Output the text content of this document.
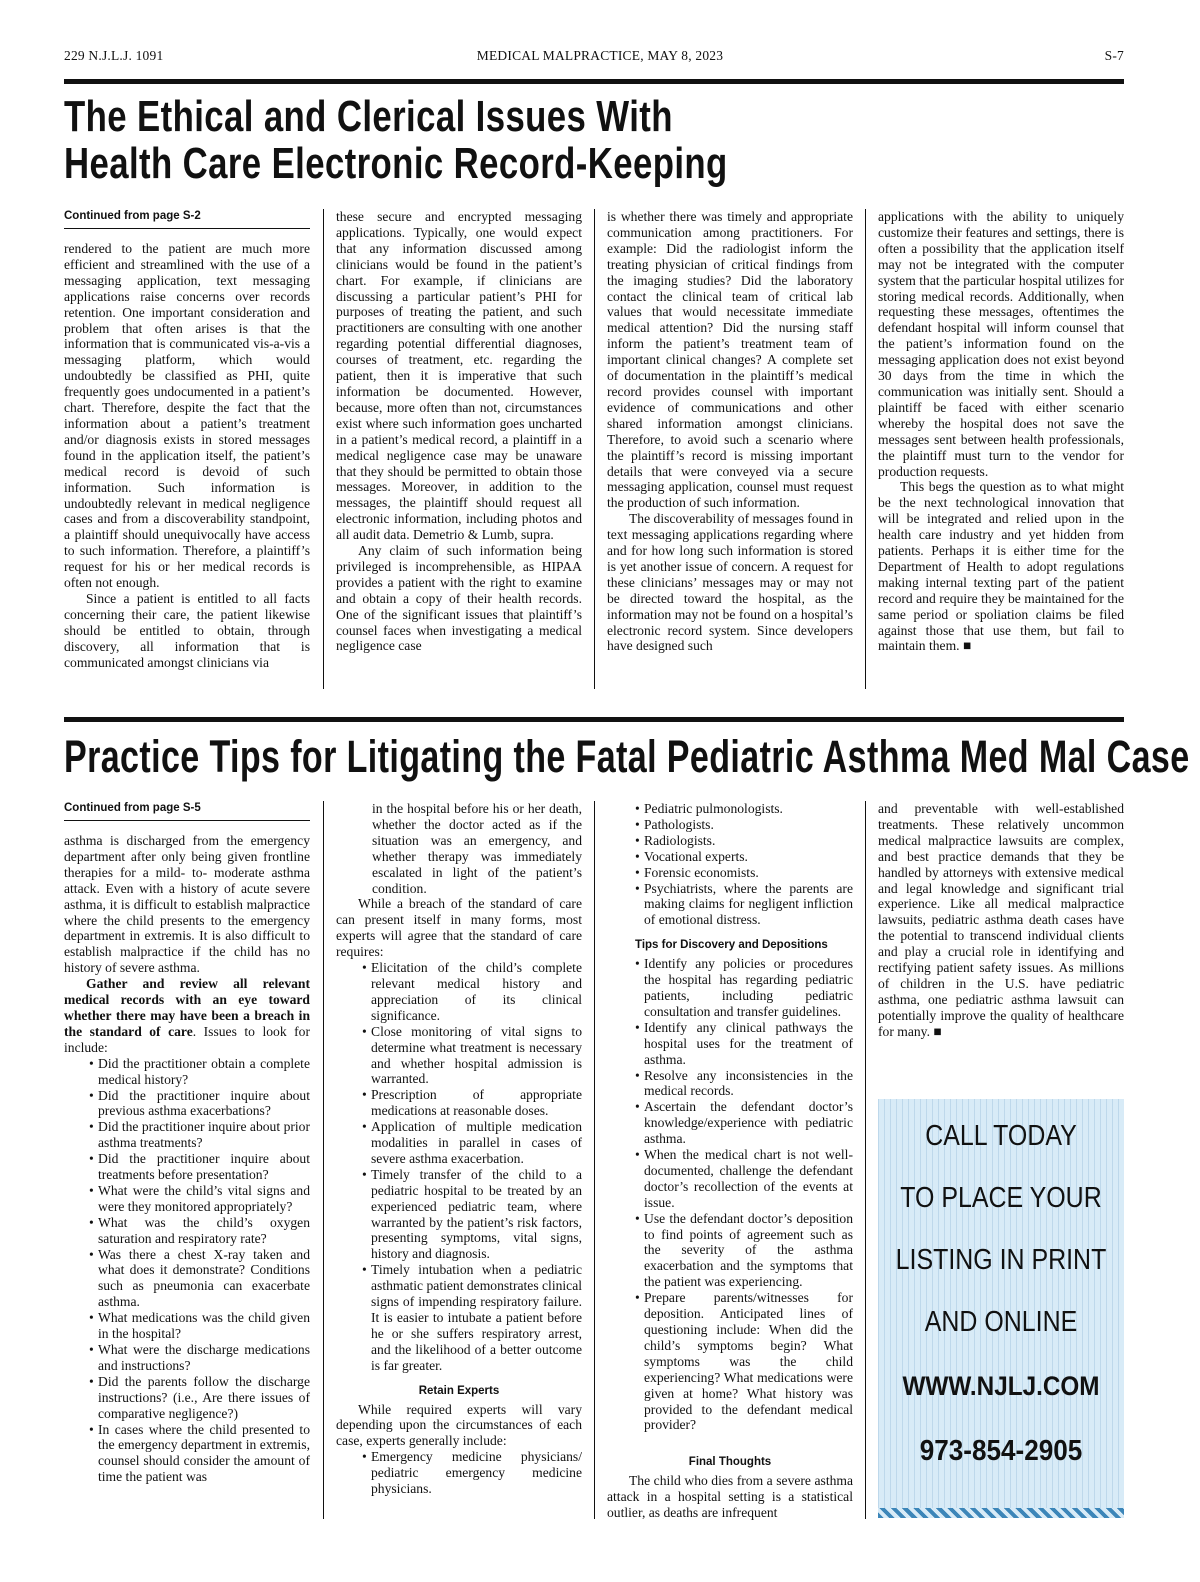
229 N.J.L.J. 1091	MEDICAL MALPRACTICE, MAY 8, 2023	S-7
The Ethical and Clerical Issues With
Health Care Electronic Record-Keeping
Continued from page S-2

rendered to the patient are much more efficient and streamlined with the use of a messaging application, text messaging applications raise concerns over records retention. One important consideration and problem that often arises is that the information that is communicated vis-a-vis a messaging platform, which would undoubtedly be classified as PHI, quite frequently goes undocumented in a patient’s chart. Therefore, despite the fact that the information about a patient’s treatment and/or diagnosis exists in stored messages found in the application itself, the patient’s medical record is devoid of such information. Such information is undoubtedly relevant in medical negligence cases and from a discoverability standpoint, a plaintiff should unequivocally have access to such information. Therefore, a plaintiff’s request for his or her medical records is often not enough.

Since a patient is entitled to all facts concerning their care, the patient likewise should be entitled to obtain, through discovery, all information that is communicated amongst clinicians via

these secure and encrypted messaging applications. Typically, one would expect that any information discussed among clinicians would be found in the patient’s chart. For example, if clinicians are discussing a particular patient’s PHI for purposes of treating the patient, and such practitioners are consulting with one another regarding potential differential diagnoses, courses of treatment, etc. regarding the patient, then it is imperative that such information be documented. However, because, more often than not, circumstances exist where such information goes uncharted in a patient’s medical record, a plaintiff in a medical negligence case may be unaware that they should be permitted to obtain those messages. Moreover, in addition to the messages, the plaintiff should request all electronic information, including photos and all audit data. Demetrio & Lumb, supra.

Any claim of such information being privileged is incomprehensible, as HIPAA provides a patient with the right to examine and obtain a copy of their health records. One of the significant issues that plaintiff’s counsel faces when investigating a medical negligence case

is whether there was timely and appropriate communication among practitioners. For example: Did the radiologist inform the treating physician of critical findings from the imaging studies? Did the laboratory contact the clinical team of critical lab values that would necessitate immediate medical attention? Did the nursing staff inform the patient’s treatment team of important clinical changes? A complete set of documentation in the plaintiff’s medical record provides counsel with important evidence of communications and other shared information amongst clinicians. Therefore, to avoid such a scenario where the plaintiff’s record is missing important details that were conveyed via a secure messaging application, counsel must request the production of such information.

The discoverability of messages found in text messaging applications regarding where and for how long such information is stored is yet another issue of concern. A request for these clinicians’ messages may or may not be directed toward the hospital, as the information may not be found on a hospital’s electronic record system. Since developers have designed such

applications with the ability to uniquely customize their features and settings, there is often a possibility that the application itself may not be integrated with the computer system that the particular hospital utilizes for storing medical records. Additionally, when requesting these messages, oftentimes the defendant hospital will inform counsel that the patient’s information found on the messaging application does not exist beyond 30 days from the time in which the communication was initially sent. Should a plaintiff be faced with either scenario whereby the hospital does not save the messages sent between health professionals, the plaintiff must turn to the vendor for production requests.

This begs the question as to what might be the next technological innovation that will be integrated and relied upon in the health care industry and yet hidden from patients. Perhaps it is either time for the Department of Health to adopt regulations making internal texting part of the patient record and require they be maintained for the same period or spoliation claims be filed against those that use them, but fail to maintain them. ■

Practice Tips for Litigating the Fatal Pediatric Asthma Med Mal Case
Continued from page S-5

asthma is discharged from the emergency department after only being given frontline therapies for a mild- to- moderate asthma attack. Even with a history of acute severe asthma, it is difficult to establish malpractice where the child presents to the emergency department in extremis. It is also difficult to establish malpractice if the child has no history of severe asthma.

Gather and review all relevant medical records with an eye toward whether there may have been a breach in the standard of care. Issues to look for include:

• Did the practitioner obtain a complete medical history?
• Did the practitioner inquire about previous asthma exacerbations?
• Did the practitioner inquire about prior asthma treatments?
• Did the practitioner inquire about treatments before presentation?
• What were the child’s vital signs and were they monitored appropriately?
• What was the child’s oxygen saturation and respiratory rate?
• Was there a chest X-ray taken and what does it demonstrate? Conditions such as pneumonia can exacerbate asthma.
• What medications was the child given in the hospital?
• What were the discharge medications and instructions?
• Did the parents follow the discharge instructions? (i.e., Are there issues of comparative negligence?)
• In cases where the child presented to the emergency department in extremis, counsel should consider the amount of time the patient was

in the hospital before his or her death, whether the doctor acted as if the situation was an emergency, and whether therapy was immediately escalated in light of the patient’s condition.

While a breach of the standard of care can present itself in many forms, most experts will agree that the standard of care requires:

• Elicitation of the child’s complete relevant medical history and appreciation of its clinical significance.
• Close monitoring of vital signs to determine what treatment is necessary and whether hospital admission is warranted.
• Prescription of appropriate medications at reasonable doses.
• Application of multiple medication modalities in parallel in cases of severe asthma exacerbation.
• Timely transfer of the child to a pediatric hospital to be treated by an experienced pediatric team, where warranted by the patient’s risk factors, presenting symptoms, vital signs, history and diagnosis.
• Timely intubation when a pediatric asthmatic patient demonstrates clinical signs of impending respiratory failure. It is easier to intubate a patient before he or she suffers respiratory arrest, and the likelihood of a better outcome is far greater.
Retain Experts

While required experts will vary depending upon the circumstances of each case, experts generally include:

• Emergency medicine physicians/ pediatric emergency medicine physicians.
• Pediatric pulmonologists.
• Pathologists.
• Radiologists.
• Vocational experts.
• Forensic economists.
• Psychiatrists, where the parents are making claims for negligent infliction of emotional distress.
Tips for Discovery and Depositions
• Identify any policies or procedures the hospital has regarding pediatric patients, including pediatric consultation and transfer guidelines.
• Identify any clinical pathways the hospital uses for the treatment of asthma.
• Resolve any inconsistencies in the medical records.
• Ascertain the defendant doctor’s knowledge/experience with pediatric asthma.
• When the medical chart is not well-documented, challenge the defendant doctor’s recollection of the events at issue.
• Use the defendant doctor’s deposition to find points of agreement such as the severity of the asthma exacerbation and the symptoms that the patient was experiencing.
• Prepare parents/witnesses for deposition. Anticipated lines of questioning include: When did the child’s symptoms begin? What symptoms was the child experiencing? What medications were given at home? What history was provided to the defendant medical provider?
Final Thoughts

The child who dies from a severe asthma attack in a hospital setting is a statistical outlier, as deaths are infrequent

and preventable with well-established treatments. These relatively uncommon medical malpractice lawsuits are complex, and best practice demands that they be handled by attorneys with extensive medical and legal knowledge and significant trial experience. Like all medical malpractice lawsuits, pediatric asthma death cases have the potential to transcend individual clients and play a crucial role in identifying and rectifying patient safety issues. As millions of children in the U.S. have pediatric asthma, one pediatric asthma lawsuit can potentially improve the quality of healthcare for many. ■

CALL TODAY
TO PLACE YOUR
LISTING IN PRINT
AND ONLINE
WWW.NJLJ.COM
973-854-2905
